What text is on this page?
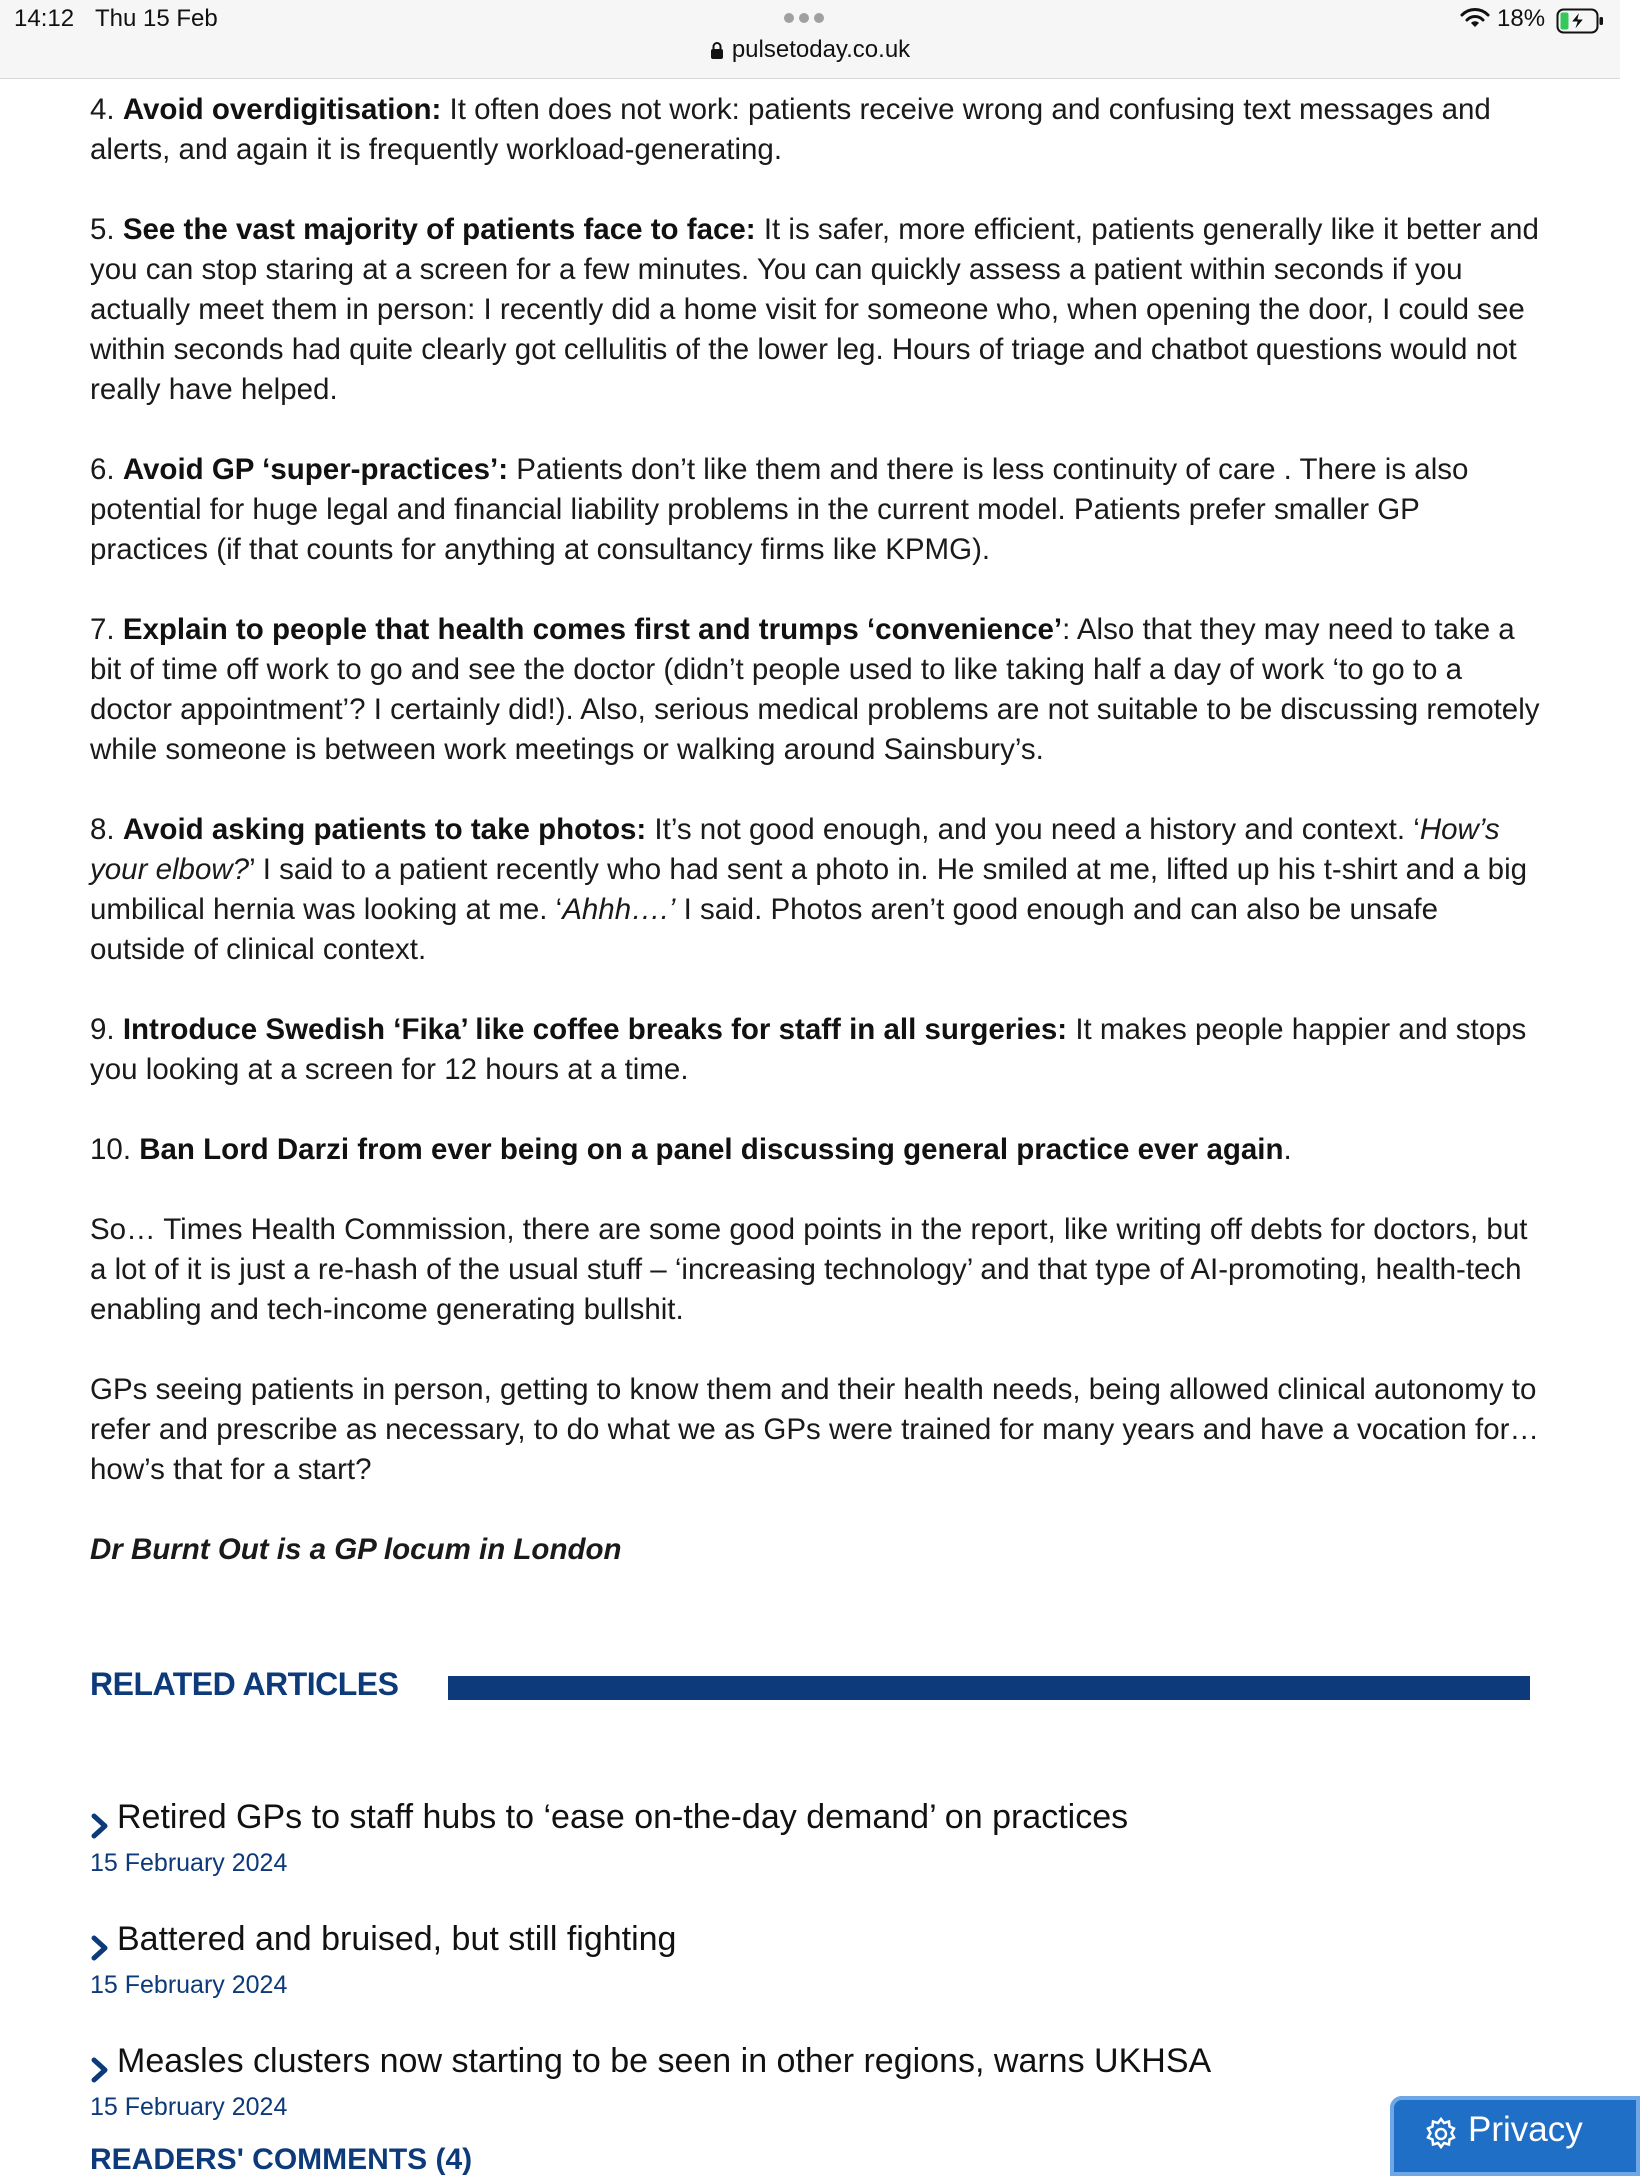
14:12 Thu 15 Feb
pulsetoday.co.uk
18%

4. Avoid overdigitisation: It often does not work: patients receive wrong and confusing text messages and alerts, and again it is frequently workload-generating.

5. See the vast majority of patients face to face: It is safer, more efficient, patients generally like it better and you can stop staring at a screen for a few minutes. You can quickly assess a patient within seconds if you actually meet them in person: I recently did a home visit for someone who, when opening the door, I could see within seconds had quite clearly got cellulitis of the lower leg. Hours of triage and chatbot questions would not really have helped.

6. Avoid GP ‘super-practices’: Patients don’t like them and there is less continuity of care . There is also potential for huge legal and financial liability problems in the current model. Patients prefer smaller GP practices (if that counts for anything at consultancy firms like KPMG).

7. Explain to people that health comes first and trumps ‘convenience’: Also that they may need to take a bit of time off work to go and see the doctor (didn’t people used to like taking half a day of work ‘to go to a doctor appointment’? I certainly did!). Also, serious medical problems are not suitable to be discussing remotely while someone is between work meetings or walking around Sainsbury’s.

8. Avoid asking patients to take photos: It’s not good enough, and you need a history and context. ‘How’s your elbow?’ I said to a patient recently who had sent a photo in. He smiled at me, lifted up his t-shirt and a big umbilical hernia was looking at me. ‘Ahhh….’ I said. Photos aren’t good enough and can also be unsafe outside of clinical context.

9. Introduce Swedish ‘Fika’ like coffee breaks for staff in all surgeries: It makes people happier and stops you looking at a screen for 12 hours at a time.

10. Ban Lord Darzi from ever being on a panel discussing general practice ever again.

So… Times Health Commission, there are some good points in the report, like writing off debts for doctors, but a lot of it is just a re-hash of the usual stuff – ‘increasing technology’ and that type of AI-promoting, health-tech enabling and tech-income generating bullshit.

GPs seeing patients in person, getting to know them and their health needs, being allowed clinical autonomy to refer and prescribe as necessary, to do what we as GPs were trained for many years and have a vocation for… how’s that for a start?

Dr Burnt Out is a GP locum in London

RELATED ARTICLES
Retired GPs to staff hubs to ‘ease on-the-day demand’ on practices
15 February 2024
Battered and bruised, but still fighting
15 February 2024
Measles clusters now starting to be seen in other regions, warns UKHSA
15 February 2024
READERS' COMMENTS (4)
Privacy
